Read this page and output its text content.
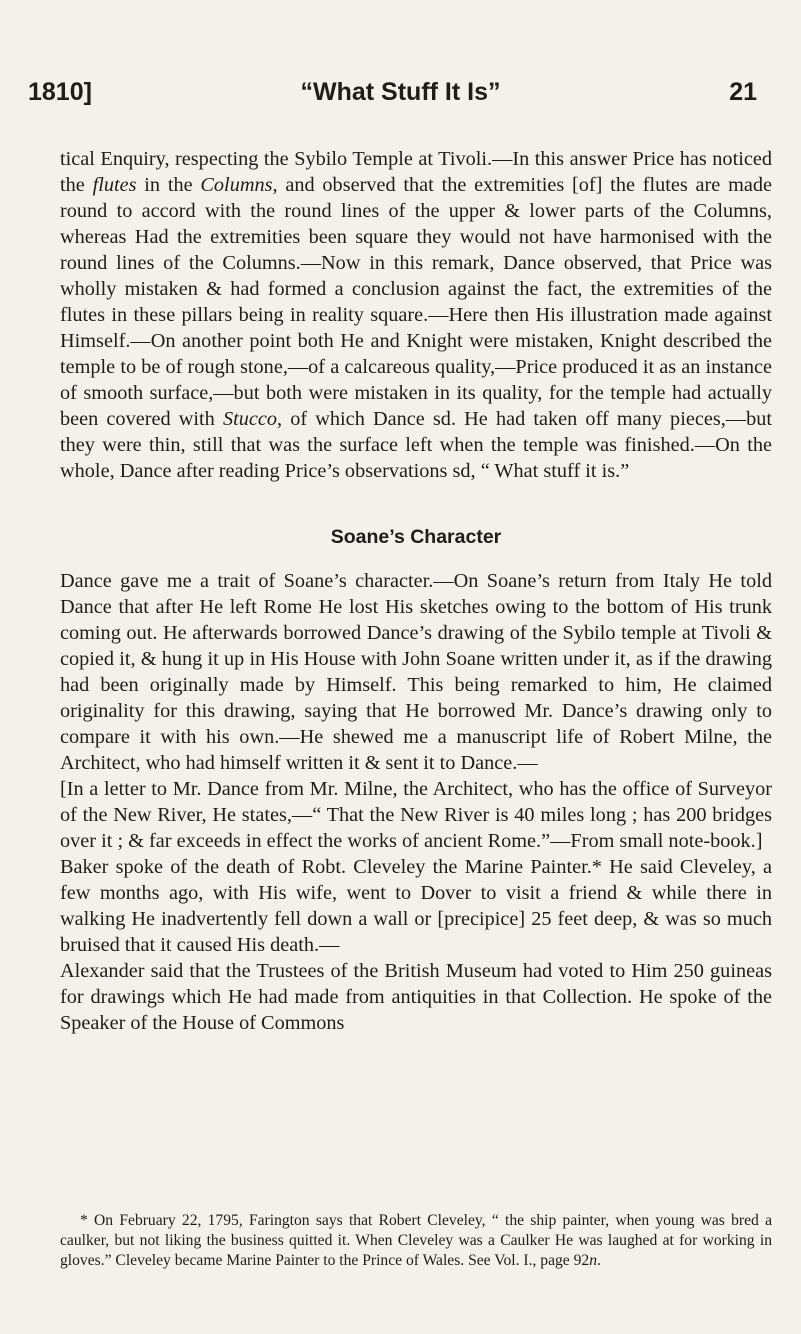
1810]	“What Stuff It Is”	21

tical Enquiry, respecting the Sybilo Temple at Tivoli.—In this answer Price has noticed the flutes in the Columns, and observed that the extremities [of] the flutes are made round to accord with the round lines of the upper & lower parts of the Columns, whereas Had the extremities been square they would not have harmonised with the round lines of the Columns.—Now in this remark, Dance observed, that Price was wholly mistaken & had formed a conclusion against the fact, the extremities of the flutes in these pillars being in reality square.—Here then His illustration made against Himself.—On another point both He and Knight were mistaken, Knight described the temple to be of rough stone,—of a calcareous quality,—Price produced it as an instance of smooth surface,—but both were mistaken in its quality, for the temple had actually been covered with Stucco, of which Dance sd. He had taken off many pieces,—but they were thin, still that was the surface left when the temple was finished.—On the whole, Dance after reading Price’s observations sd, “ What stuff it is.”

Soane’s Character

Dance gave me a trait of Soane’s character.—On Soane’s return from Italy He told Dance that after He left Rome He lost His sketches owing to the bottom of His trunk coming out. He afterwards borrowed Dance’s drawing of the Sybilo temple at Tivoli & copied it, & hung it up in His House with John Soane written under it, as if the drawing had been originally made by Himself. This being remarked to him, He claimed originality for this drawing, saying that He borrowed Mr. Dance’s drawing only to compare it with his own.—He shewed me a manuscript life of Robert Milne, the Architect, who had himself written it & sent it to Dance.—

[In a letter to Mr. Dance from Mr. Milne, the Architect, who has the office of Surveyor of the New River, He states,—“ That the New River is 40 miles long ; has 200 bridges over it ; & far exceeds in effect the works of ancient Rome.”—From small note-book.]

Baker spoke of the death of Robt. Cleveley the Marine Painter.* He said Cleveley, a few months ago, with His wife, went to Dover to visit a friend & while there in walking He inadvertently fell down a wall or [precipice] 25 feet deep, & was so much bruised that it caused His death.—

Alexander said that the Trustees of the British Museum had voted to Him 250 guineas for drawings which He had made from antiquities in that Collection. He spoke of the Speaker of the House of Commons

* On February 22, 1795, Farington says that Robert Cleveley, “ the ship painter, when young was bred a caulker, but not liking the business quitted it. When Cleveley was a Caulker He was laughed at for working in gloves.” Cleveley became Marine Painter to the Prince of Wales. See Vol. I., page 92n.
